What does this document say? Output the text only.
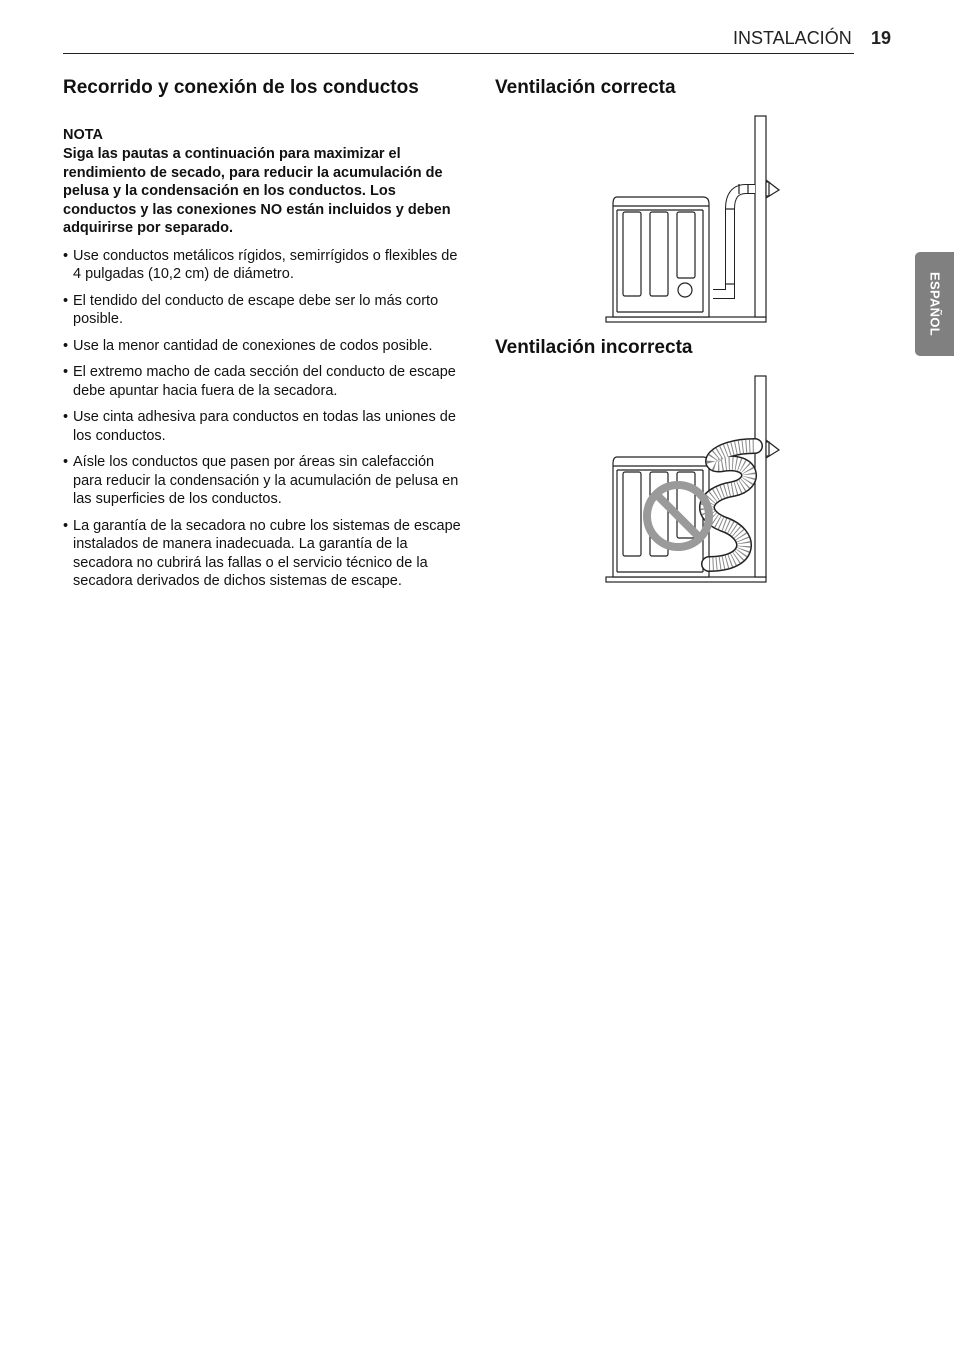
INSTALACIÓN 19
ESPAÑOL
Recorrido y conexión de los conductos
NOTA
Siga las pautas a continuación para maximizar el rendimiento de secado, para reducir la acumulación de pelusa y la condensación en los conductos. Los conductos y las conexiones NO están incluidos y deben adquirirse por separado.
• Use conductos metálicos rígidos, semirrígidos o flexibles de 4 pulgadas (10,2 cm) de diámetro.
• El tendido del conducto de escape debe ser lo más corto posible.
• Use la menor cantidad de conexiones de codos posible.
• El extremo macho de cada sección del conducto de escape debe apuntar hacia fuera de la secadora.
• Use cinta adhesiva para conductos en todas las uniones de los conductos.
• Aísle los conductos que pasen por áreas sin calefacción para reducir la condensación y la acumulación de pelusa en las superficies de los conductos.
• La garantía de la secadora no cubre los sistemas de escape instalados de manera inadecuada. La garantía de la secadora no cubrirá las fallas o el servicio técnico de la secadora derivados de dichos sistemas de escape.
Ventilación correcta
Ventilación incorrecta
